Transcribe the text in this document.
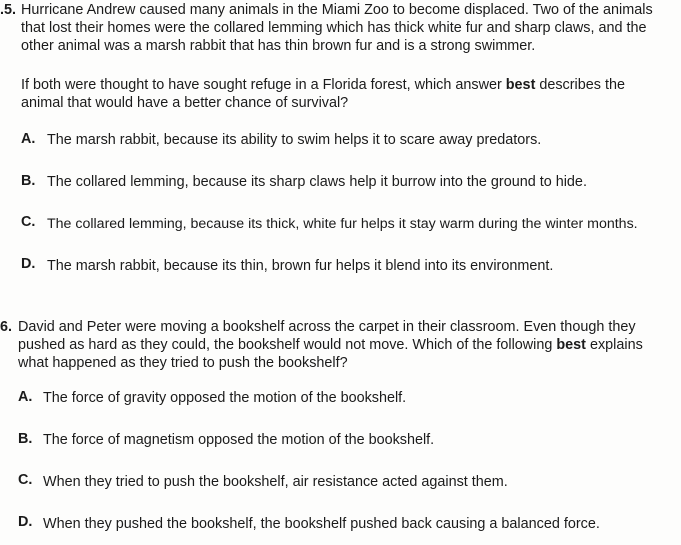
.5. Hurricane Andrew caused many animals in the Miami Zoo to become displaced. Two of the animals
that lost their homes were the collared lemming which has thick white fur and sharp claws, and the
other animal was a marsh rabbit that has thin brown fur and is a strong swimmer.
If both were thought to have sought refuge in a Florida forest, which answer best describes the
animal that would have a better chance of survival?
A. The marsh rabbit, because its ability to swim helps it to scare away predators.
B. The collared lemming, because its sharp claws help it burrow into the ground to hide.
C. The collared lemming, because its thick, white fur helps it stay warm during the winter months.
D. The marsh rabbit, because its thin, brown fur helps it blend into its environment.
6. David and Peter were moving a bookshelf across the carpet in their classroom. Even though they
pushed as hard as they could, the bookshelf would not move. Which of the following best explains
what happened as they tried to push the bookshelf?
A. The force of gravity opposed the motion of the bookshelf.
B. The force of magnetism opposed the motion of the bookshelf.
C. When they tried to push the bookshelf, air resistance acted against them.
D. When they pushed the bookshelf, the bookshelf pushed back causing a balanced force.
